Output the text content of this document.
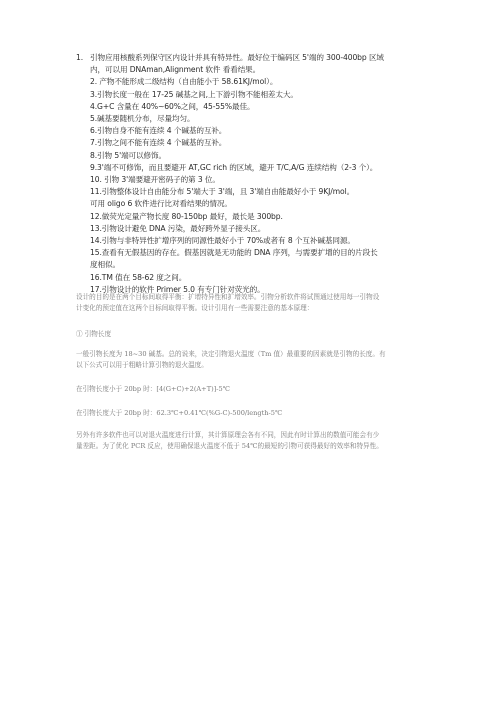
1. 引物应用核酸系列保守区内设计并具有特异性。最好位于编码区 5'端的 300-400bp 区域
内，可以用 DNAman,Alignment 软件 看看结果。
2. 产物不能形成二级结构（自由能小于 58.61KJ/mol）。
3.引物长度一般在 17-25 碱基之间,上下游引物不能相差太大。
4.G+C 含量在 40%~60%之间，45-55%最佳。
5.碱基要随机分布，尽量均匀。
6.引物自身不能有连续 4 个碱基的互补。
7.引物之间不能有连续 4 个碱基的互补。
8.引物 5'端可以修饰。
9.3'端不可修饰，而且要避开 AT,GC rich 的区域，避开 T/C,A/G 连续结构（2-3 个）。
10. 引物 3'端要避开密码子的第 3 位。
11.引物整体设计自由能分布 5'端大于 3'端，且 3'端自由能最好小于 9KJ/mol。
可用 oligo 6 软件进行比对看结果的情况。
12.做荧光定量产物长度 80-150bp 最好，最长是 300bp.
13.引物设计避免 DNA 污染，最好跨外显子接头区。
14.引物与非特异性扩增序列的同源性最好小于 70%或者有 8 个互补碱基同源。
15.查看有无假基因的存在。假基因就是无功能的 DNA 序列，与需要扩增的目的片段长
度相似。
16.TM 值在 58-62 度之间。
17.引物设计的软件 Primer 5.0 有专门针对荧光的。
设计的目的是在两个目标间取得平衡：扩增特异性和扩增效率。引物分析软件将试图通过使用每一引物设
计变化的预定值在这两个目标间取得平衡。设计引用有一些需要注意的基本原理：
① 引物长度
一般引物长度为 18~30 碱基。总的说来，决定引物退火温度（Tm 值）最重要的因素就是引物的长度。有
以下公式可以用于粗略计算引物的退火温度。
在引物长度小于 20bp 时：[4(G+C)+2(A+T)]-5℃
在引物长度大于 20bp 时：62.3℃+0.41℃(%G-C)-500/length-5℃
另外有许多软件也可以对退火温度进行计算，其计算原理会各有不同，因此有时计算出的数值可能会有少
量差距。为了优化 PCR 反应，使用确保退火温度不低于 54℃的最短的引物可获得最好的效率和特异性。
